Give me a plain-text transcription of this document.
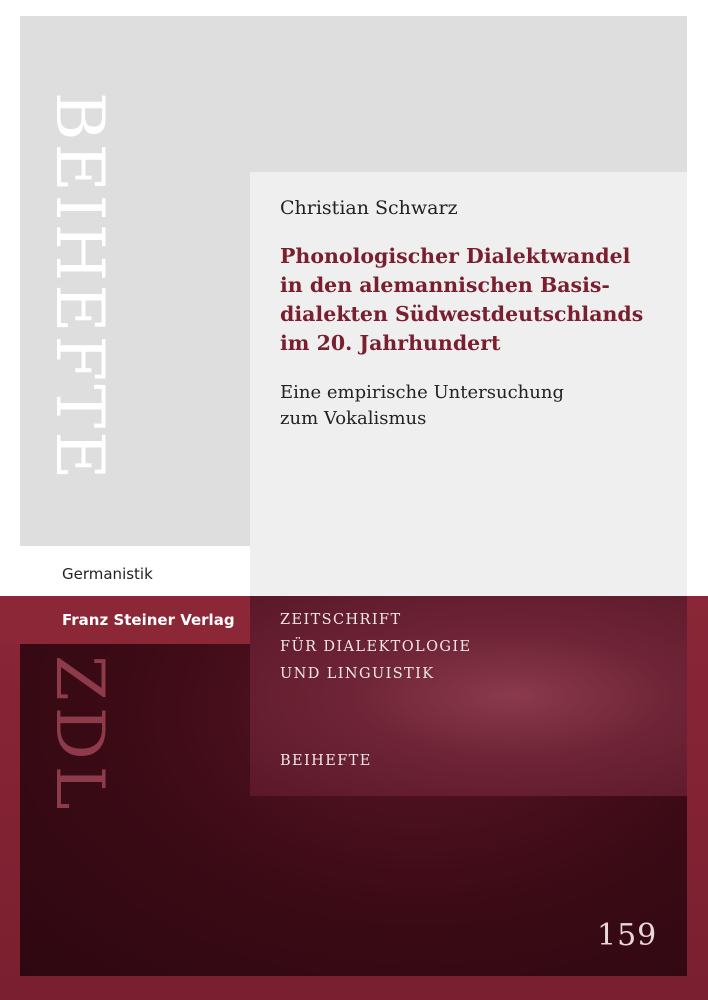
BEIHEFTE
Germanistik
Franz Steiner Verlag
ZDL
Christian Schwarz
Phonologischer Dialektwandel
in den alemannischen Basis-
dialekten Südwestdeutschlands
im 20. Jahrhundert

Eine empirische Untersuchung
zum Vokalismus

ZEITSCHRIFT
FÜR DIALEKTOLOGIE
UND LINGUISTIK
BEIHEFTE
159
